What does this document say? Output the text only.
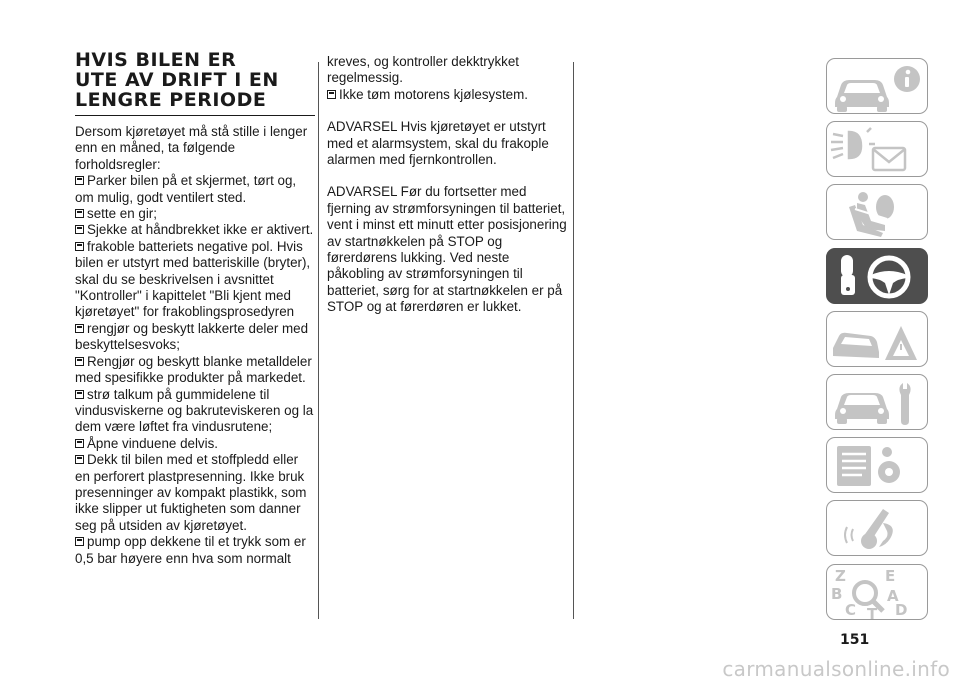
HVIS BILEN ER
UTE AV DRIFT I EN
LENGRE PERIODE

Dersom kjøretøyet må stå stille i lenger enn en måned, ta følgende forholdsregler:

Parker bilen på et skjermet, tørt og, om mulig, godt ventilert sted.

sette en gir;

Sjekke at håndbrekket ikke er aktivert.

frakoble batteriets negative pol. Hvis bilen er utstyrt med batteriskille (bryter), skal du se beskrivelsen i avsnittet "Kontroller" i kapittelet "Bli kjent med kjøretøyet" for frakoblingsprosedyren

rengjør og beskytt lakkerte deler med beskyttelsesvoks;

Rengjør og beskytt blanke metalldeler med spesifikke produkter på markedet.

strø talkum på gummidelene til vindusviskerne og bakruteviskeren og la dem være løftet fra vindusrutene;

Åpne vinduene delvis.

Dekk til bilen med et stoffpledd eller en perforert plastpresenning. Ikke bruk presenninger av kompakt plastikk, som ikke slipper ut fuktigheten som danner seg på utsiden av kjøretøyet.

pump opp dekkene til et trykk som er 0,5 bar høyere enn hva som normalt

kreves, og kontroller dekktrykket regelmessig.

Ikke tøm motorens kjølesystem.

ADVARSEL Hvis kjøretøyet er utstyrt med et alarmsystem, skal du frakople alarmen med fjernkontrollen.

ADVARSEL Før du fortsetter med fjerning av strømforsyningen til batteriet, vent i minst ett minutt etter posisjonering av startnøkkelen på STOP og førerdørens lukking. Ved neste påkobling av strømforsyningen til batteriet, sørg for at startnøkkelen er på STOP og at førerdøren er lukket.

Z	E
B	A
C	D
T
151
carmanualsonline.info
